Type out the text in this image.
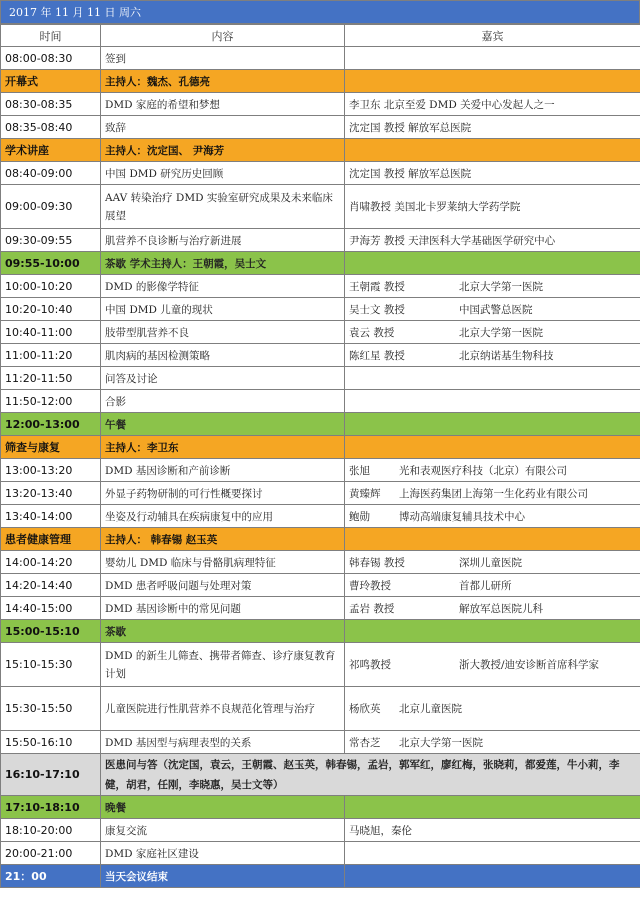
2017 年 11 月 11 日 周六
时间	内容	嘉宾
08:00-08:30	签到	
开幕式	主持人：魏杰、孔德亮	
08:30-08:35	DMD 家庭的希望和梦想	李卫东 北京至爱 DMD 关爱中心发起人之一
08:35-08:40	致辞	沈定国 教授 解放军总医院
学术讲座	主持人：沈定国、 尹海芳	
08:40-09:00	中国 DMD 研究历史回顾	沈定国 教授 解放军总医院
09:00-09:30	AAV 转染治疗 DMD 实验室研究成果及未来临床展望	肖啸教授 美国北卡罗莱纳大学药学院
09:30-09:55	肌营养不良诊断与治疗新进展	尹海芳 教授 天津医科大学基础医学研究中心
09:55-10:00	茶歇 学术主持人：王朝霞，吴士文	
10:00-10:20	DMD 的影像学特征	王朝霞 教授 北京大学第一医院
10:20-10:40	中国 DMD 儿童的现状	吴士文 教授 中国武警总医院
10:40-11:00	肢带型肌营养不良	袁云 教授 北京大学第一医院
11:00-11:20	肌肉病的基因检测策略	陈红星 教授 北京纳诺基生物科技
11:20-11:50	问答及讨论	
11:50-12:00	合影	
12:00-13:00	午餐	
筛查与康复	主持人：李卫东	
13:00-13:20	DMD 基因诊断和产前诊断	张旭 光和表观医疗科技（北京）有限公司
13:20-13:40	外显子药物研制的可行性概要探讨	黄臻辉 上海医药集团上海第一生化药业有限公司
13:40-14:00	坐姿及行动辅具在疾病康复中的应用	鲍勋 博动高端康复辅具技术中心
患者健康管理	主持人： 韩春锡 赵玉英	
14:00-14:20	婴幼儿 DMD 临床与骨骼肌病理特征	韩春锡 教授 深圳儿童医院
14:20-14:40	DMD 患者呼吸问题与处理对策	曹玲教授 首都儿研所
14:40-15:00	DMD 基因诊断中的常见问题	孟岩 教授 解放军总医院儿科
15:00-15:10	茶歇	
15:10-15:30	DMD 的新生儿筛查、携带者筛查、诊疗康复教育计划	祁鸣教授 浙大教授/迪安诊断首席科学家
15:30-15:50	儿童医院进行性肌营养不良规范化管理与治疗	杨欣英 北京儿童医院
15:50-16:10	DMD 基因型与病理表型的关系	常杏芝 北京大学第一医院
16:10-17:10	医患问与答（沈定国，袁云，王朝霞、赵玉英，韩春锡，孟岩，郭军红，廖红梅，张晓莉，都爱莲，牛小莉，李健，胡君，任刚，李晓惠，吴士文等）	
17:10-18:10	晚餐	
18:10-20:00	康复交流	马晓旭，秦伦
20:00-21:00	DMD 家庭社区建设	
21：00	当天会议结束	
